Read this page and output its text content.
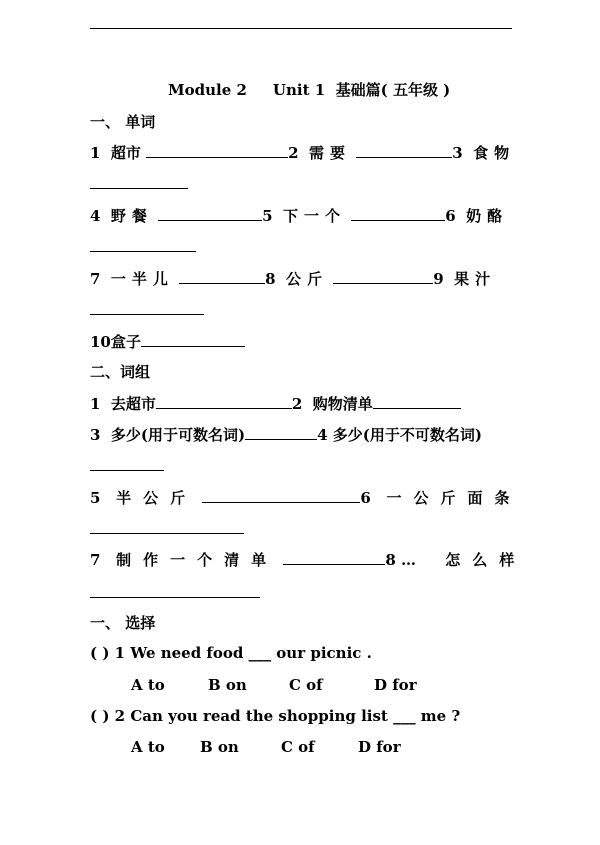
Module 2 Unit 1 基础篇( 五年级 )
一、 单词
1 超市	2 需要	3 食物
4 野餐	5 下一个	6 奶酪
7 一半儿	8 公斤	9 果汁
10盒子
二、词组
1 去超市	2 购物清单
3 多少(用于可数名词)	4 多少(用于不可数名词)
5 半公斤	6 一公斤面条
7 制作一个清单	8 … 怎么样
一、 选择
( ) 1 We need food ___ our picnic .
A to	B on	C of	D for
( ) 2 Can you read the shopping list ___ me ?
A to B on	C of	D for
